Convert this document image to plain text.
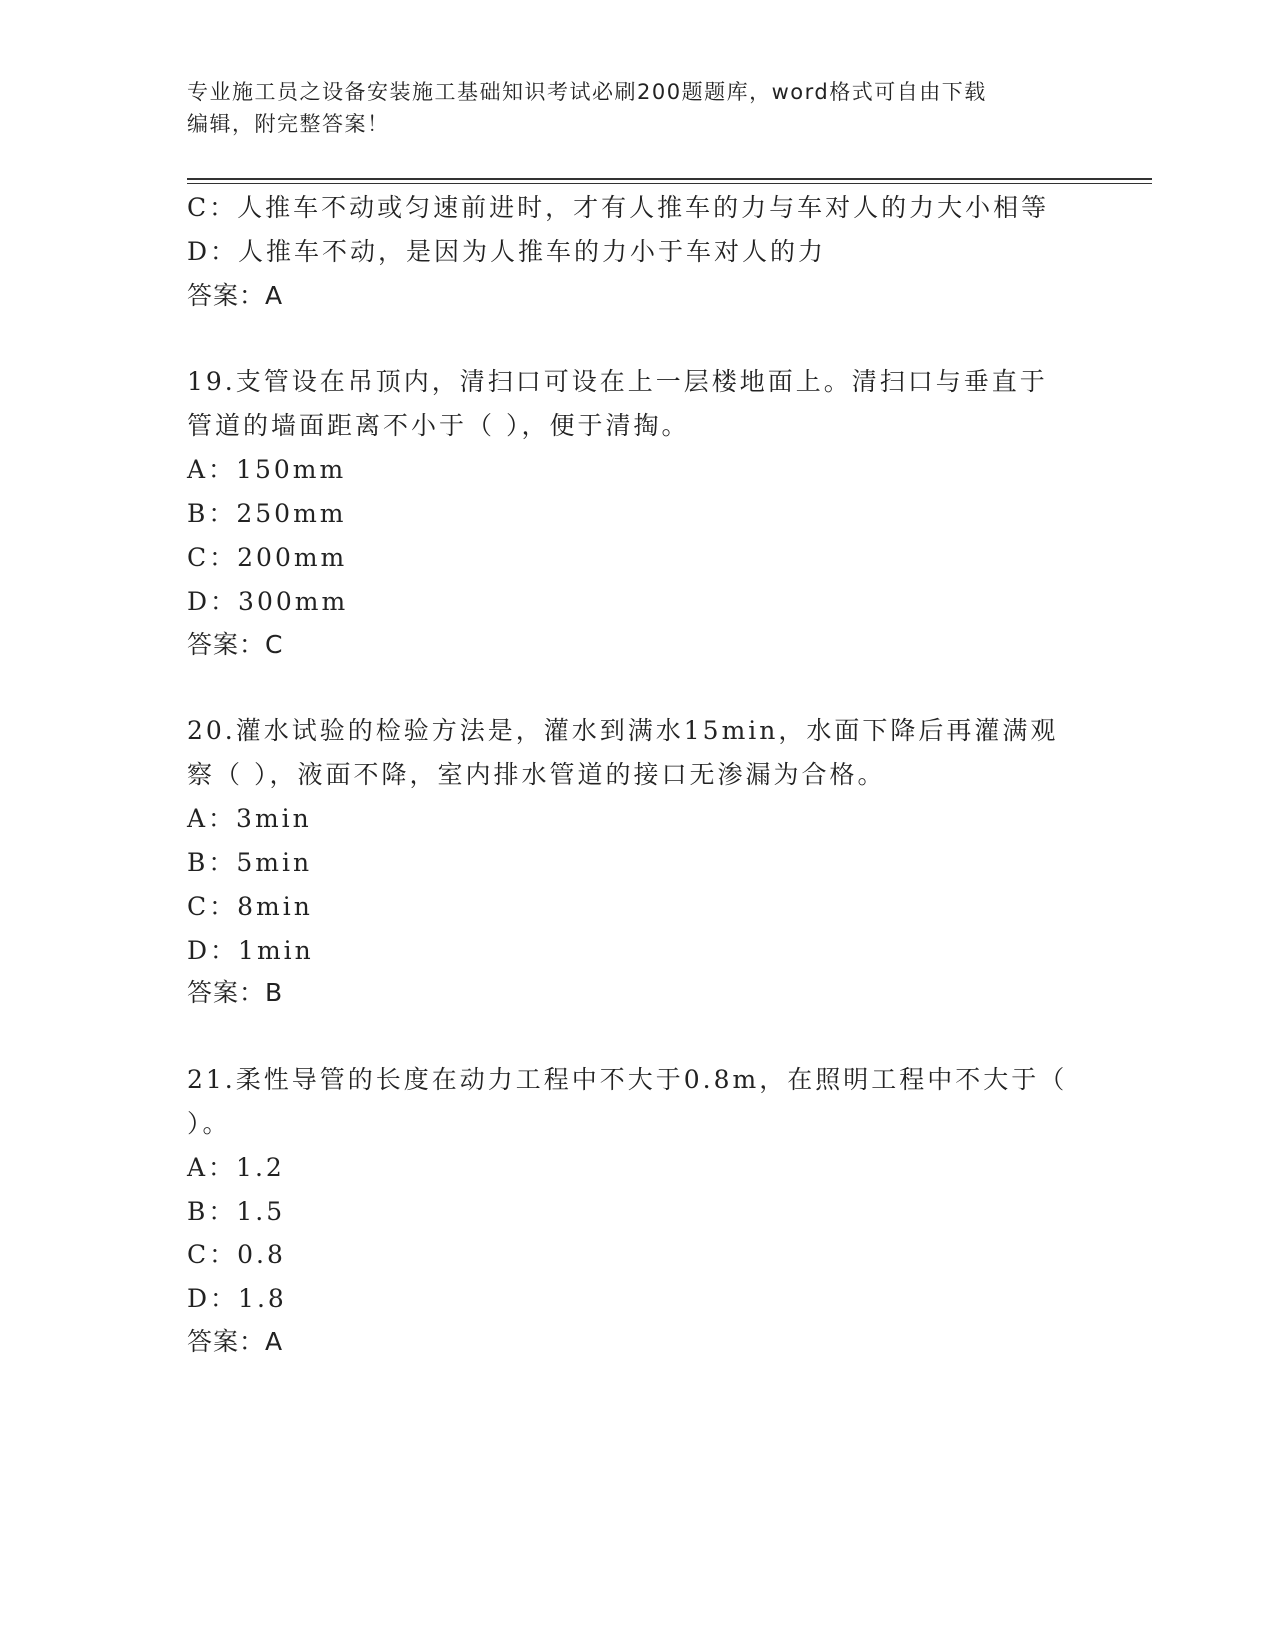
专业施工员之设备安装施工基础知识考试必刷200题题库，word格式可自由下载
编辑，附完整答案！
C：人推车不动或匀速前进时，才有人推车的力与车对人的力大小相等
D：人推车不动，是因为人推车的力小于车对人的力
答案：A
19.支管设在吊顶内，清扫口可设在上一层楼地面上。清扫口与垂直于
管道的墙面距离不小于（ ），便于清掏。
A：150mm
B：250mm
C：200mm
D：300mm
答案：C
20.灌水试验的检验方法是，灌水到满水15min，水面下降后再灌满观
察（ ），液面不降，室内排水管道的接口无渗漏为合格。
A：3min
B：5min
C：8min
D：1min
答案：B
21.柔性导管的长度在动力工程中不大于0.8m，在照明工程中不大于（
）。
A：1.2
B：1.5
C：0.8
D：1.8
答案：A
